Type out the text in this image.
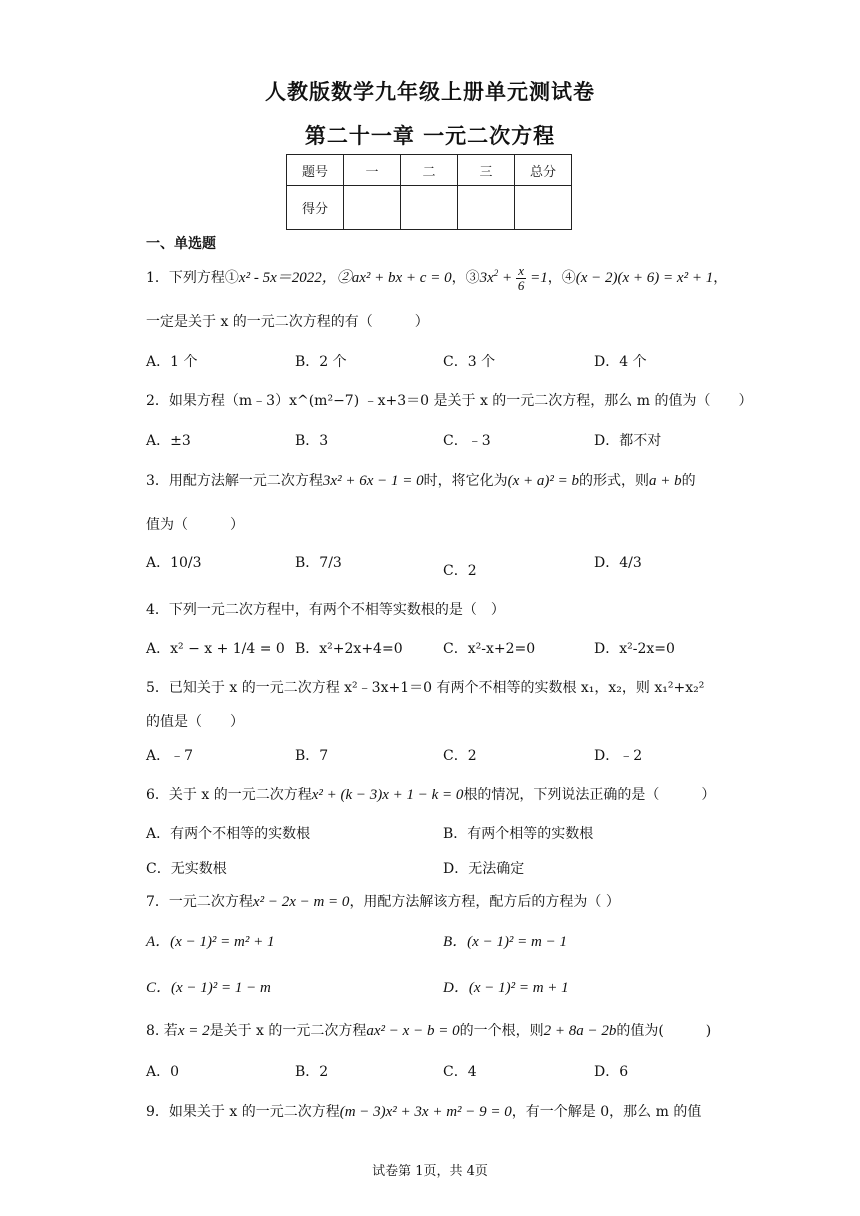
人教版数学九年级上册单元测试卷
第二十一章 一元二次方程
题号	一	二	三	总分
得分				
一、单选题
1．下列方程①x² - 5x＝2022，②ax² + bx + c = 0，$③3x^2 + \frac{x}{6} =1$，④(x − 2)(x + 6) = x² + 1，
一定是关于 x 的一元二次方程的有（　　　）
A．1 个	B．2 个	C．3 个	D．4 个
2．如果方程（m﹣3）x^(m²−7) ﹣x+3＝0 是关于 x 的一元二次方程，那么 m 的值为（　　）
A．±3	B．3	C．﹣3	D．都不对
3．用配方法解一元二次方程3x² + 6x − 1 = 0时，将它化为(x + a)² = b的形式，则a + b的
值为（　　　）
A．10/3	B．7/3	C．2	D．4/3
4．下列一元二次方程中，有两个不相等实数根的是（　）
A．x² − x + 1/4 = 0 B．x²+2x+4=0	C．x²-x+2=0	D．x²-2x=0
5．已知关于 x 的一元二次方程 x²﹣3x+1＝0 有两个不相等的实数根 x₁，x₂，则 x₁²+x₂²
的值是（　　）
A．﹣7	B．7	C．2	D．﹣2
6．关于 x 的一元二次方程x² + (k − 3)x + 1 − k = 0根的情况，下列说法正确的是（　　　）
A．有两个不相等的实数根	B．有两个相等的实数根
C．无实数根	D．无法确定
7．一元二次方程x² − 2x − m = 0，用配方法解该方程，配方后的方程为（ ）
A．(x − 1)² = m² + 1	B．(x − 1)² = m − 1
C．(x − 1)² = 1 − m	D．(x − 1)² = m + 1
8. 若x = 2是关于 x 的一元二次方程ax² − x − b = 0的一个根，则2 + 8a − 2b的值为(　　　)
A．0	B．2	C．4	D．6
9．如果关于 x 的一元二次方程(m − 3)x² + 3x + m² − 9 = 0，有一个解是 0，那么 m 的值
试卷第 1页，共 4页
